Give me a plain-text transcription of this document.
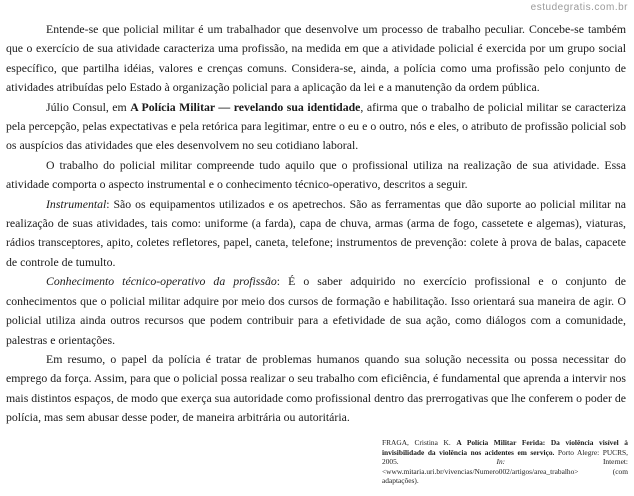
estudegratis.com.br

Entende-se que policial militar é um trabalhador que desenvolve um processo de trabalho peculiar. Concebe-se também que o exercício de sua atividade caracteriza uma profissão, na medida em que a atividade policial é exercida por um grupo social específico, que partilha idéias, valores e crenças comuns. Considera-se, ainda, a polícia como uma profissão pelo conjunto de atividades atribuídas pelo Estado à organização policial para a aplicação da lei e a manutenção da ordem pública.

Júlio Consul, em A Polícia Militar — revelando sua identidade, afirma que o trabalho de policial militar se caracteriza pela percepção, pelas expectativas e pela retórica para legitimar, entre o eu e o outro, nós e eles, o atributo de profissão policial sob os auspícios das atividades que eles desenvolvem no seu cotidiano laboral.

O trabalho do policial militar compreende tudo aquilo que o profissional utiliza na realização de sua atividade. Essa atividade comporta o aspecto instrumental e o conhecimento técnico-operativo, descritos a seguir.

Instrumental: São os equipamentos utilizados e os apetrechos. São as ferramentas que dão suporte ao policial militar na realização de suas atividades, tais como: uniforme (a farda), capa de chuva, armas (arma de fogo, cassetete e algemas), viaturas, rádios transceptores, apito, coletes refletores, papel, caneta, telefone; instrumentos de prevenção: colete à prova de balas, capacete de controle de tumulto.

Conhecimento técnico-operativo da profissão: É o saber adquirido no exercício profissional e o conjunto de conhecimentos que o policial militar adquire por meio dos cursos de formação e habilitação. Isso orientará sua maneira de agir. O policial utiliza ainda outros recursos que podem contribuir para a efetividade de sua ação, como diálogos com a comunidade, palestras e orientações.

Em resumo, o papel da polícia é tratar de problemas humanos quando sua solução necessita ou possa necessitar do emprego da força. Assim, para que o policial possa realizar o seu trabalho com eficiência, é fundamental que aprenda a intervir nos mais distintos espaços, de modo que exerça sua autoridade como profissional dentro das prerrogativas que lhe conferem o poder de polícia, mas sem abusar desse poder, de maneira arbitrária ou autoritária.

FRAGA, Cristina K. A Polícia Militar Ferida: Da violência visível à invisibilidade da violência nos acidentes em serviço. Porto Alegre: PUCRS, 2005. In: Internet: <www.mitaria.uri.br/vivencias/Numero002/artigos/area_trabalho> (com adaptações).
